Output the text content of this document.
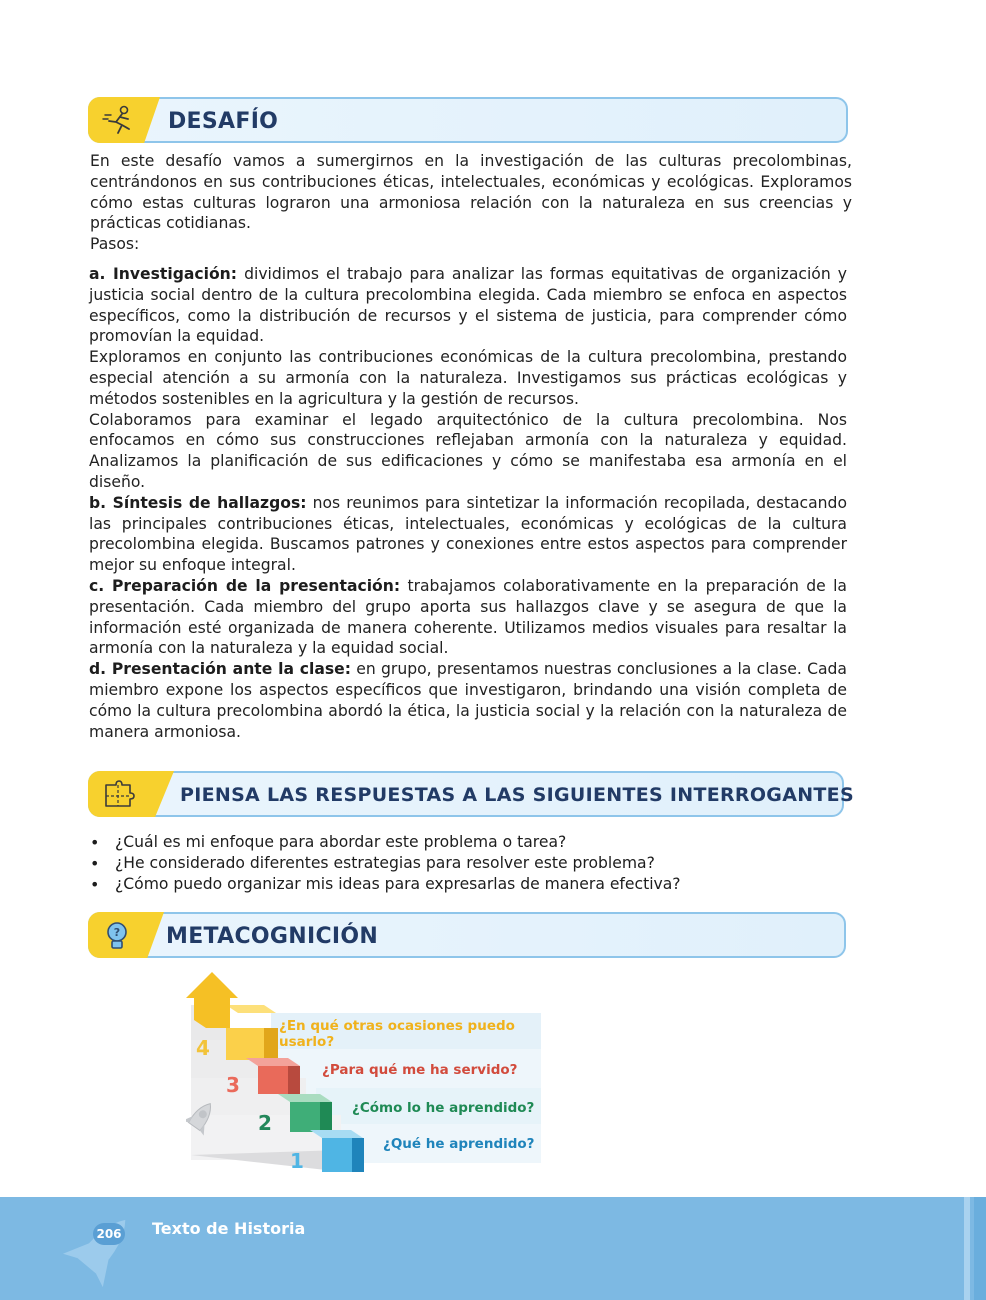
DESAFÍO

En este desafío vamos a sumergirnos en la investigación de las culturas precolombinas, centrándonos en sus contribuciones éticas, intelectuales, económicas y ecológicas. Exploramos cómo estas culturas lograron una armoniosa relación con la naturaleza en sus creencias y prácticas cotidianas.

Pasos:

a. Investigación: dividimos el trabajo para analizar las formas equitativas de organización y justicia social dentro de la cultura precolombina elegida. Cada miembro se enfoca en aspectos específicos, como la distribución de recursos y el sistema de justicia, para comprender cómo promovían la equidad.

Exploramos en conjunto las contribuciones económicas de la cultura precolombina, prestando especial atención a su armonía con la naturaleza. Investigamos sus prácticas ecológicas y métodos sostenibles en la agricultura y la gestión de recursos.

Colaboramos para examinar el legado arquitectónico de la cultura precolombina. Nos enfocamos en cómo sus construcciones reflejaban armonía con la naturaleza y equidad. Analizamos la planificación de sus edificaciones y cómo se manifestaba esa armonía en el diseño.

b. Síntesis de hallazgos: nos reunimos para sintetizar la información recopilada, destacando las principales contribuciones éticas, intelectuales, económicas y ecológicas de la cultura precolombina elegida. Buscamos patrones y conexiones entre estos aspectos para comprender mejor su enfoque integral.

c. Preparación de la presentación: trabajamos colaborativamente en la preparación de la presentación. Cada miembro del grupo aporta sus hallazgos clave y se asegura de que la información esté organizada de manera coherente. Utilizamos medios visuales para resaltar la armonía con la naturaleza y la equidad social.

d. Presentación ante la clase: en grupo, presentamos nuestras conclusiones a la clase. Cada miembro expone los aspectos específicos que investigaron, brindando una visión completa de cómo la cultura precolombina abordó la ética, la justicia social y la relación con la naturaleza de manera armoniosa.

PIENSA LAS RESPUESTAS A LAS SIGUIENTES INTERROGANTES
• ¿Cuál es mi enfoque para abordar este problema o tarea?
• ¿He considerado diferentes estrategias para resolver este problema?
• ¿Cómo puedo organizar mis ideas para expresarlas de manera efectiva?
? METACOGNICIÓN
4
3
2
1
¿En qué otras ocasiones puedo
usarlo?
¿Para qué me ha servido?
¿Cómo lo he aprendido?
¿Qué he aprendido?
206 Texto de Historia
